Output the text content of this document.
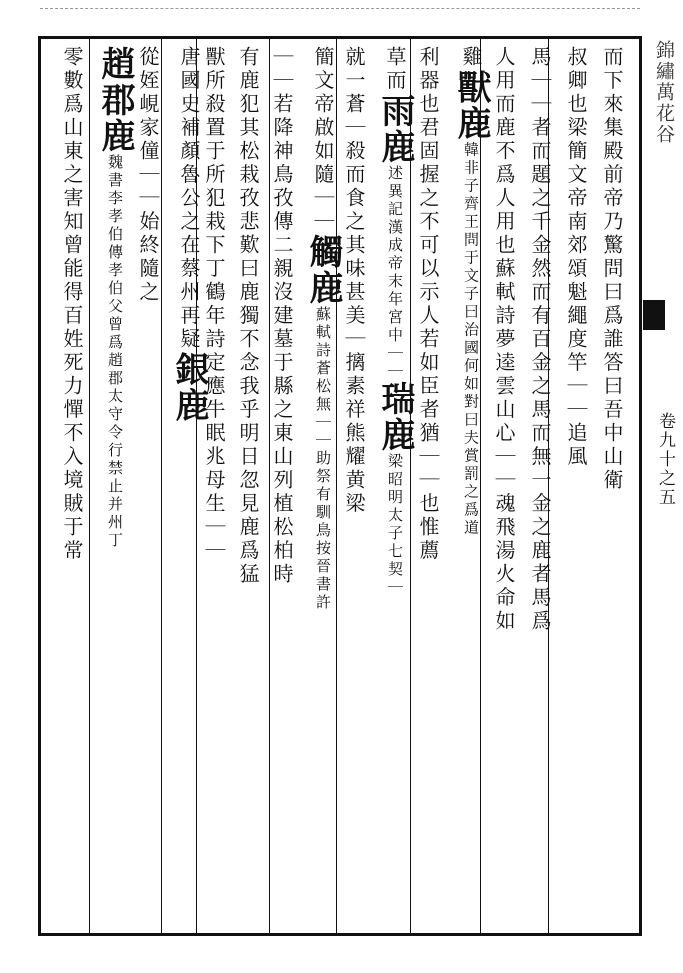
錦繡萬花谷
卷九十之五
而下來集殿前帝乃驚問曰爲誰答曰吾中山衛
叔卿也梁簡文帝南郊頌魁繩度竿｜｜追風
馬｜｜者而題之千金然而有百金之馬而無一金之鹿者馬爲
人用而鹿不爲人用也蘇軾詩夢逵雲山心｜｜魂飛湯火命如
雞獸鹿韓非子齊王問于文子曰治國何如對曰夫賞罰之爲道
利器也君固握之不可以示人若如臣者猶｜｜也惟薦
草而雨鹿述異記漢成帝末年宮中｜｜瑞鹿梁昭明太子七契｜
就一蒼｜殺而食之其味甚美｜摛素祥熊耀黄梁
簡文帝啟如隨｜｜觸鹿蘇軾詩蒼松無｜｜助祭有馴鳥按晉書許
｜｜若降神鳥孜傳二親沒建墓于縣之東山列植松柏時
有鹿犯其松栽孜悲歎曰鹿獨不念我乎明日忽見鹿爲猛
獸所殺置于所犯栽下丁鶴年詩定應牛眠兆母生｜｜
唐國史補顏魯公之在蔡州再疑銀鹿
從姪峴家僮｜｜始終隨之
趙郡鹿魏書李孝伯傳孝伯父曾爲趙郡太守令行禁止并州丁
零數爲山東之害知曾能得百姓死力憚不入境賊于常
